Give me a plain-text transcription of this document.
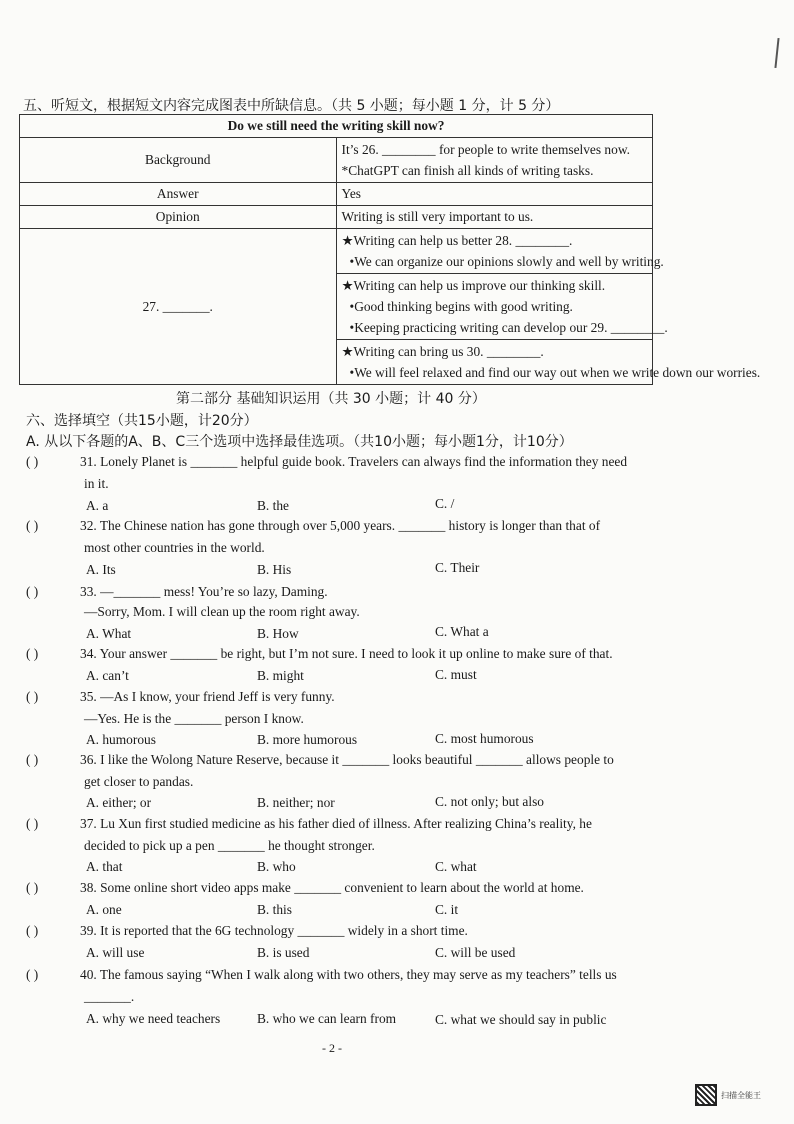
五、听短文，根据短文内容完成图表中所缺信息。（共 5 小题；每小题 1 分，计 5 分）
Do we still need the writing skill now?	
Background	It’s 26. ________ for people to write themselves now.
*ChatGPT can finish all kinds of writing tasks.

Answer	Yes
Opinion	Writing is still very important to us.
27. _______.	★Writing can help us better 28. ________.
•We can organize our opinions slowly and well by writing.

	★Writing can help us improve our thinking skill.
•Good thinking begins with good writing.
•Keeping practicing writing can develop our 29. ________.

	★Writing can bring us 30. ________.
•We will feel relaxed and find our way out when we write down our worries.
第二部分 基础知识运用（共 30 小题；计 40 分）
六、选择填空（共15小题，计20分）
A. 从以下各题的A、B、C三个选项中选择最佳选项。（共10小题；每小题1分，计10分）
( )	31. Lonely Planet is _______ helpful guide book. Travelers can always find the information they need
in it.
A. a	B. the	C. /
( )	32. The Chinese nation has gone through over 5,000 years. _______ history is longer than that of
most other countries in the world.
A. Its	B. His	C. Their
( )	33. —_______ mess! You’re so lazy, Daming.
—Sorry, Mom. I will clean up the room right away.
A. What	B. How	C. What a
( )	34. Your answer _______ be right, but I’m not sure. I need to look it up online to make sure of that.
A. can’t	B. might	C. must
( )	35. —As I know, your friend Jeff is very funny.
—Yes. He is the _______ person I know.
A. humorous	B. more humorous	C. most humorous
( )	36. I like the Wolong Nature Reserve, because it _______ looks beautiful _______ allows people to
get closer to pandas.
A. either; or	B. neither; nor	C. not only; but also
( )	37. Lu Xun first studied medicine as his father died of illness. After realizing China’s reality, he
decided to pick up a pen _______ he thought stronger.
A. that	B. who	C. what
( )	38. Some online short video apps make _______ convenient to learn about the world at home.
A. one	B. this	C. it
( )	39. It is reported that the 6G technology _______ widely in a short time.
A. will use	B. is used	C. will be used
( )	40. The famous saying “When I walk along with two others, they may serve as my teachers” tells us
_______.
A. why we need teachers	B. who we can learn from	C. what we should say in public
- 2 -
扫描全能王
